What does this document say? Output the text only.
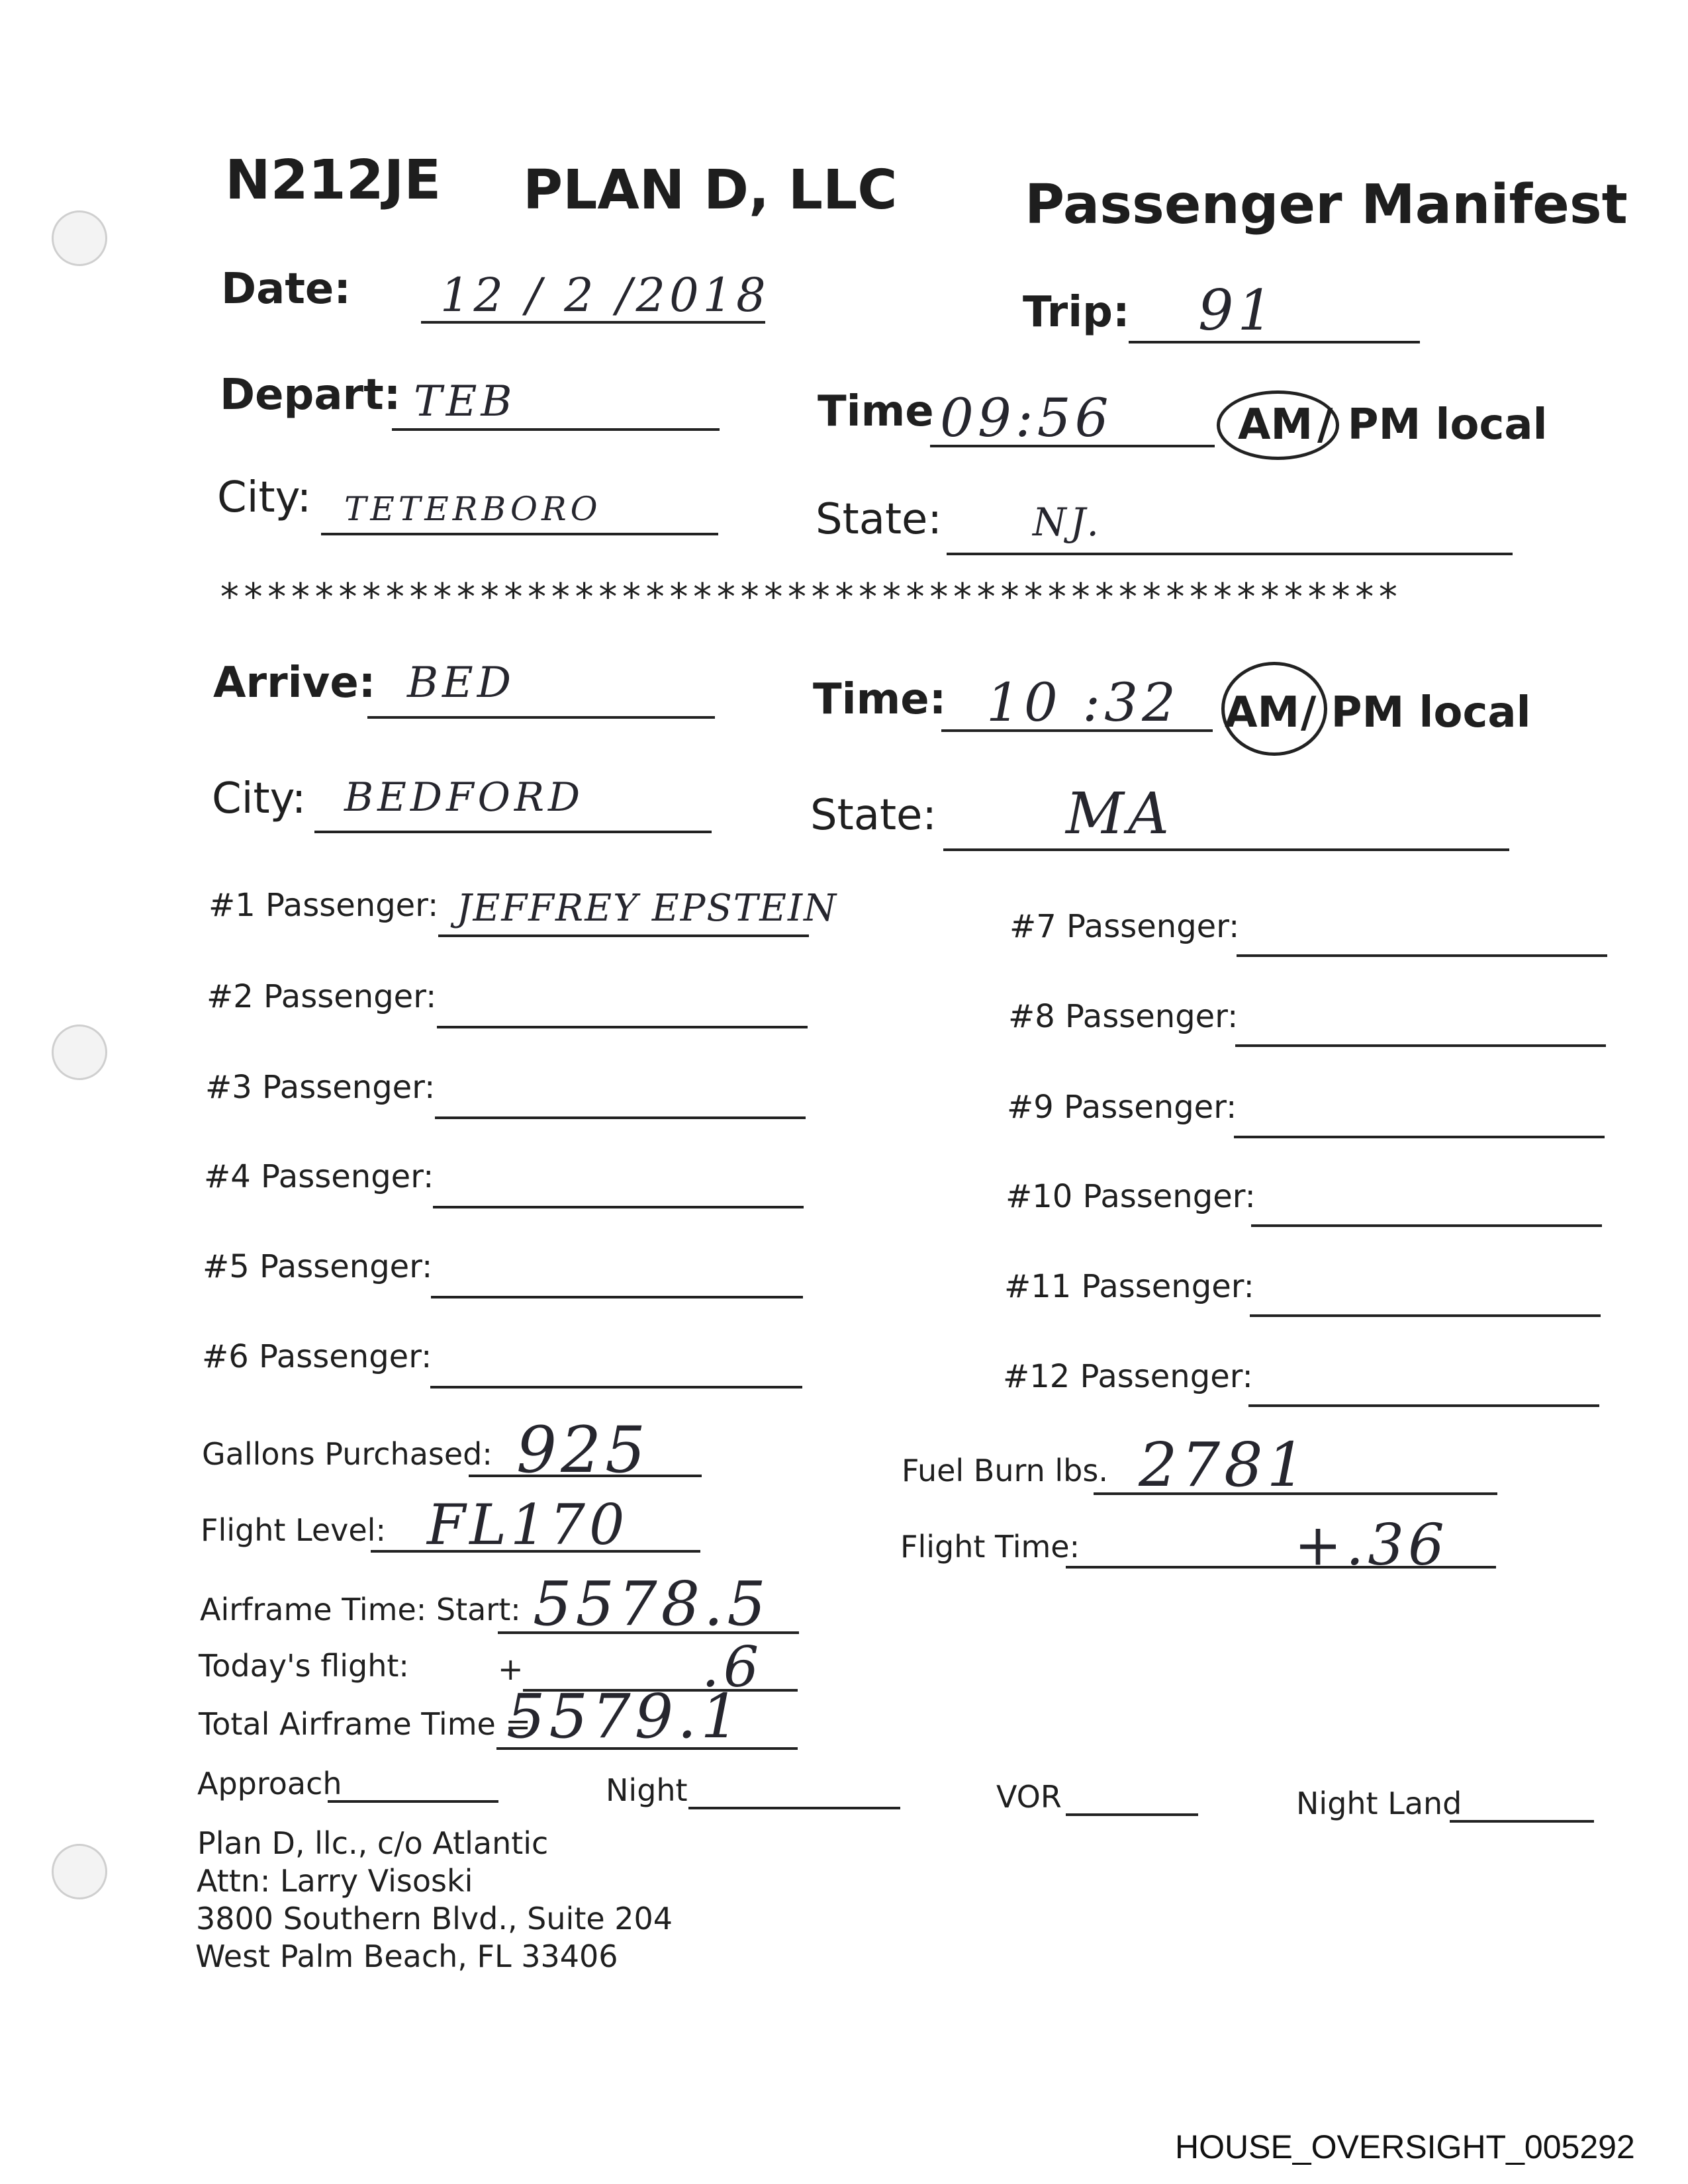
N212JE PLAN D, LLC Passenger Manifest
Date: 12 / 2 /2018	Trip: 91
Depart: TEB	Time 09:56	AM / PM local
City: TETERBORO	State: NJ.
**************************************************
Arrive: BED	Time: 10 :32 AM / PM local
City: BEDFORD	State: MA
#1 Passenger: JEFFREY EPSTEIN
#2 Passenger:
#3 Passenger:
#4 Passenger:
#5 Passenger:
#6 Passenger:
#7 Passenger:
#8 Passenger:
#9 Passenger:
#10 Passenger:
#11 Passenger:
#12 Passenger:
Gallons Purchased: 925	Fuel Burn lbs. 2781
Flight Level: FL170	Flight Time:	+.36
Airframe Time: Start: 5578.5
Today's flight:	+	.6
Total Airframe Time =
5579.1
Approach	Night	VOR	Night Land
Plan D, llc., c/o Atlantic
Attn: Larry Visoski
3800 Southern Blvd., Suite 204
West Palm Beach, FL 33406
HOUSE_OVERSIGHT_005292
